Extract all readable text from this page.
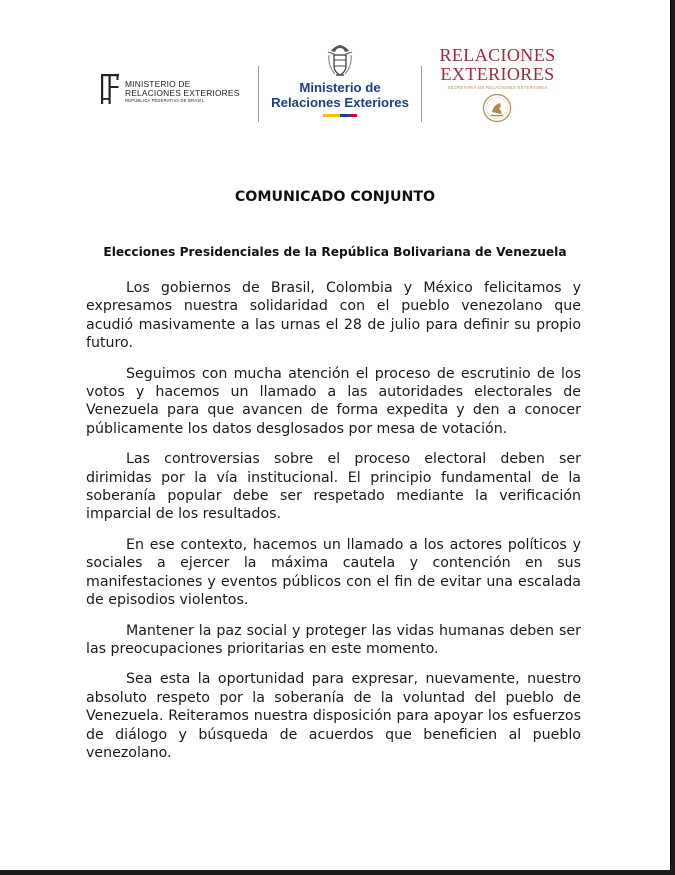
MINISTERIO DE
RELACIONES EXTERIORES
REPÚBLICA FEDERATIVA DE BRASIL
Ministerio de
Relaciones Exteriores
RELACIONES
EXTERIORES
SECRETARÍA DE RELACIONES EXTERIORES
COMUNICADO CONJUNTO
Elecciones Presidenciales de la República Bolivariana de Venezuela

Los gobiernos de Brasil, Colombia y México felicitamos y expresamos nuestra solidaridad con el pueblo venezolano que acudió masivamente a las urnas el 28 de julio para definir su propio futuro.

Seguimos con mucha atención el proceso de escrutinio de los votos y hacemos un llamado a las autoridades electorales de Venezuela para que avancen de forma expedita y den a conocer públicamente los datos desglosados por mesa de votación.

Las controversias sobre el proceso electoral deben ser dirimidas por la vía institucional. El principio fundamental de la soberanía popular debe ser respetado mediante la verificación imparcial de los resultados.

En ese contexto, hacemos un llamado a los actores políticos y sociales a ejercer la máxima cautela y contención en sus manifestaciones y eventos públicos con el fin de evitar una escalada de episodios violentos.

Mantener la paz social y proteger las vidas humanas deben ser las preocupaciones prioritarias en este momento.

Sea esta la oportunidad para expresar, nuevamente, nuestro absoluto respeto por la soberanía de la voluntad del pueblo de Venezuela. Reiteramos nuestra disposición para apoyar los esfuerzos de diálogo y búsqueda de acuerdos que beneficien al pueblo venezolano.
